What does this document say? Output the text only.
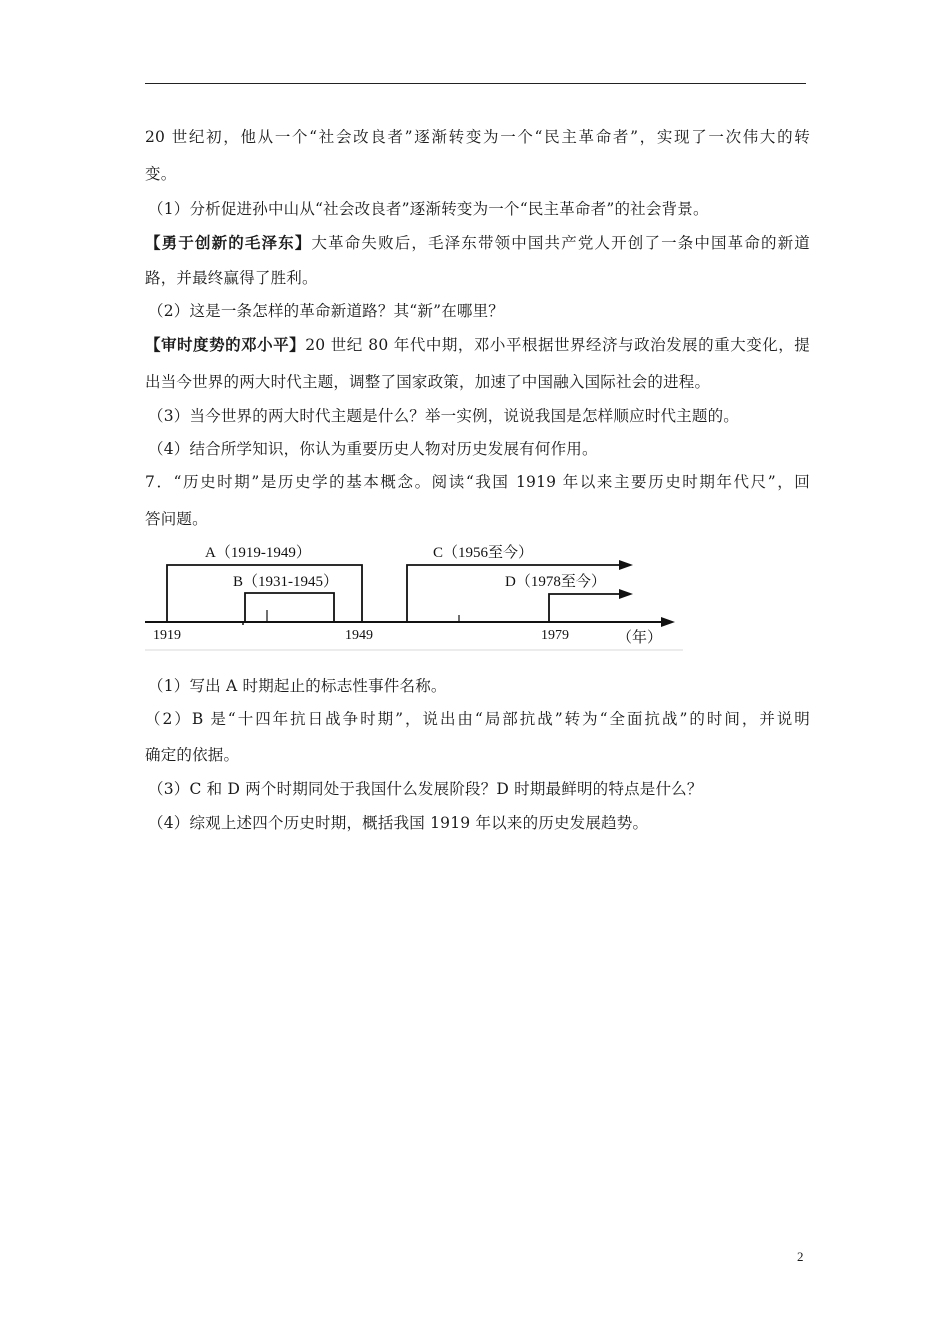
20 世纪初，他从一个“社会改良者”逐渐转变为一个“民主革命者”，实现了一次伟大的转
变。
（1）分析促进孙中山从“社会改良者”逐渐转变为一个“民主革命者”的社会背景。
【勇于创新的毛泽东】大革命失败后，毛泽东带领中国共产党人开创了一条中国革命的新道
路，并最终赢得了胜利。
（2）这是一条怎样的革命新道路？其“新”在哪里？
【审时度势的邓小平】20 世纪 80 年代中期，邓小平根据世界经济与政治发展的重大变化，提
出当今世界的两大时代主题，调整了国家政策，加速了中国融入国际社会的进程。
（3）当今世界的两大时代主题是什么？举一实例，说说我国是怎样顺应时代主题的。
（4）结合所学知识，你认为重要历史人物对历史发展有何作用。
7．“历史时期”是历史学的基本概念。阅读“我国 1919 年以来主要历史时期年代尺”，回
答问题。
A（1919-1949）
B（1931-1945）
C（1956至今）
D（1978至今）
1919	1949	1979	（年）
（1）写出 A 时期起止的标志性事件名称。
（2）B 是“十四年抗日战争时期”，说出由“局部抗战”转为“全面抗战”的时间，并说明
确定的依据。
（3）C 和 D 两个时期同处于我国什么发展阶段？D 时期最鲜明的特点是什么？
（4）综观上述四个历史时期，概括我国 1919 年以来的历史发展趋势。
2
